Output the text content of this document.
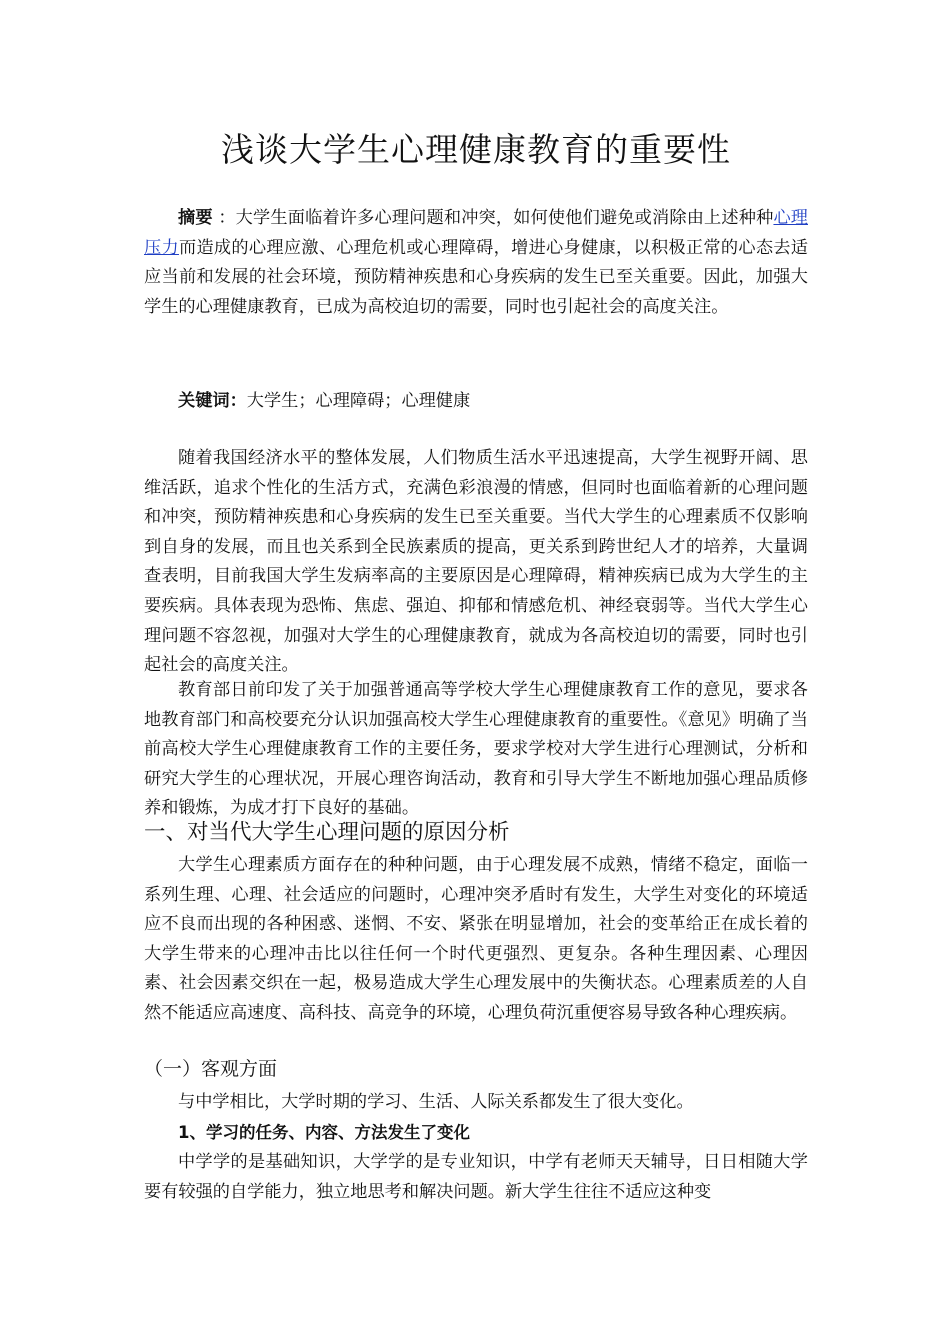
浅谈大学生心理健康教育的重要性

摘要 ：大学生面临着许多心理问题和冲突，如何使他们避免或消除由上述种种心理压力而造成的心理应激、心理危机或心理障碍，增进心身健康，以积极正常的心态去适应当前和发展的社会环境，预防精神疾患和心身疾病的发生已至关重要。因此，加强大学生的心理健康教育，已成为高校迫切的需要，同时也引起社会的高度关注。

关键词：大学生；心理障碍；心理健康

随着我国经济水平的整体发展，人们物质生活水平迅速提高，大学生视野开阔、思维活跃，追求个性化的生活方式，充满色彩浪漫的情感，但同时也面临着新的心理问题和冲突，预防精神疾患和心身疾病的发生已至关重要。当代大学生的心理素质不仅影响到自身的发展，而且也关系到全民族素质的提高，更关系到跨世纪人才的培养，大量调查表明，目前我国大学生发病率高的主要原因是心理障碍，精神疾病已成为大学生的主要疾病。具体表现为恐怖、焦虑、强迫、抑郁和情感危机、神经衰弱等。当代大学生心理问题不容忽视，加强对大学生的心理健康教育，就成为各高校迫切的需要，同时也引起社会的高度关注。

教育部日前印发了关于加强普通高等学校大学生心理健康教育工作的意见，要求各地教育部门和高校要充分认识加强高校大学生心理健康教育的重要性。《意见》明确了当前高校大学生心理健康教育工作的主要任务，要求学校对大学生进行心理测试，分析和研究大学生的心理状况，开展心理咨询活动，教育和引导大学生不断地加强心理品质修养和锻炼，为成才打下良好的基础。

一、对当代大学生心理问题的原因分析

大学生心理素质方面存在的种种问题，由于心理发展不成熟，情绪不稳定，面临一系列生理、心理、社会适应的问题时，心理冲突矛盾时有发生，大学生对变化的环境适应不良而出现的各种困惑、迷惘、不安、紧张在明显增加，社会的变革给正在成长着的大学生带来的心理冲击比以往任何一个时代更强烈、更复杂。各种生理因素、心理因素、社会因素交织在一起，极易造成大学生心理发展中的失衡状态。心理素质差的人自然不能适应高速度、高科技、高竞争的环境，心理负荷沉重便容易导致各种心理疾病。

（一）客观方面

与中学相比，大学时期的学习、生活、人际关系都发生了很大变化。

1、学习的任务、内容、方法发生了变化

中学学的是基础知识，大学学的是专业知识，中学有老师天天辅导，日日相随大学要有较强的自学能力，独立地思考和解决问题。新大学生往往不适应这种变
